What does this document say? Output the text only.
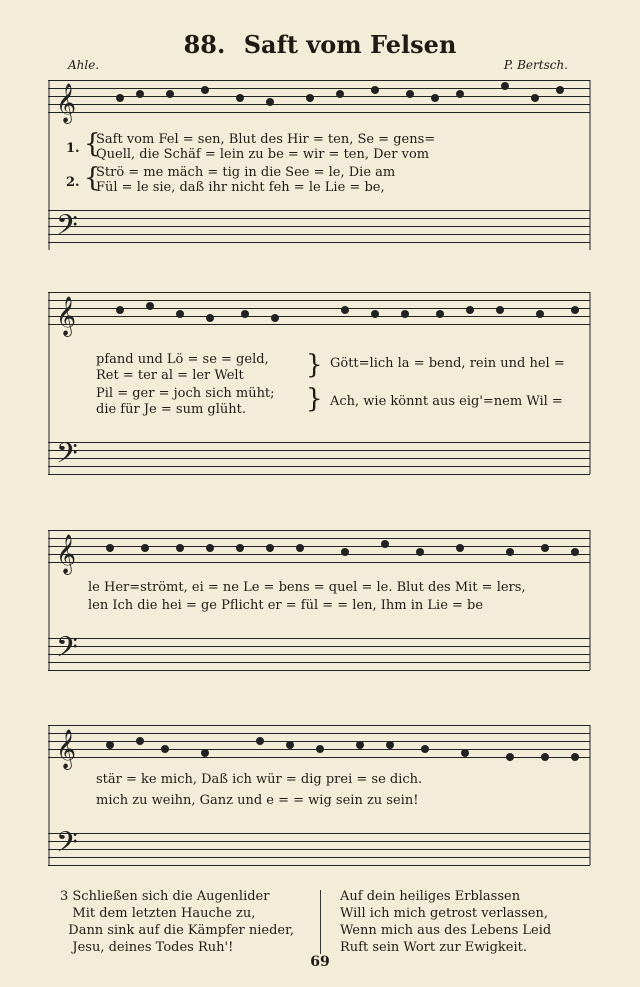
88. Saft vom Felsen
Ahle.	P. Bertsch.
1. {
Saft vom Fel = sen, Blut des Hir = ten, Se = gens=
Quell, die Schäf = lein zu be = wir = ten, Der vom
2. {
Strö = me mäch = tig in die See = le, Die am
Fül = le sie, daß ihr nicht feh = le Lie = be,
pfand und Lö = se = geld,
Ret = ter al = ler Welt
Pil = ger = joch sich müht;
die für Je = sum glüht.
} Gött=lich la = bend, rein und hel =
} Ach, wie könnt aus eig'=nem Wil =
le Her=strömt, ei = ne Le = bens = quel = le. Blut des Mit = lers,
len Ich die hei = ge Pflicht er = fül = = len, Ihm in Lie = be
stär = ke mich, Daß ich wür = dig prei = se dich.
mich zu weihn, Ganz und e = = wig sein zu sein!
𝄞
𝄢
𝄞
𝄢
𝄞
𝄢
𝄞
𝄢
3 Schließen sich die Augenlider
Mit dem letzten Hauche zu,
Dann sink auf die Kämpfer nieder,
Jesu, deines Todes Ruh'!
Auf dein heiliges Erblassen
Will ich mich getrost verlassen,
Wenn mich aus des Lebens Leid
Ruft sein Wort zur Ewigkeit.
69
